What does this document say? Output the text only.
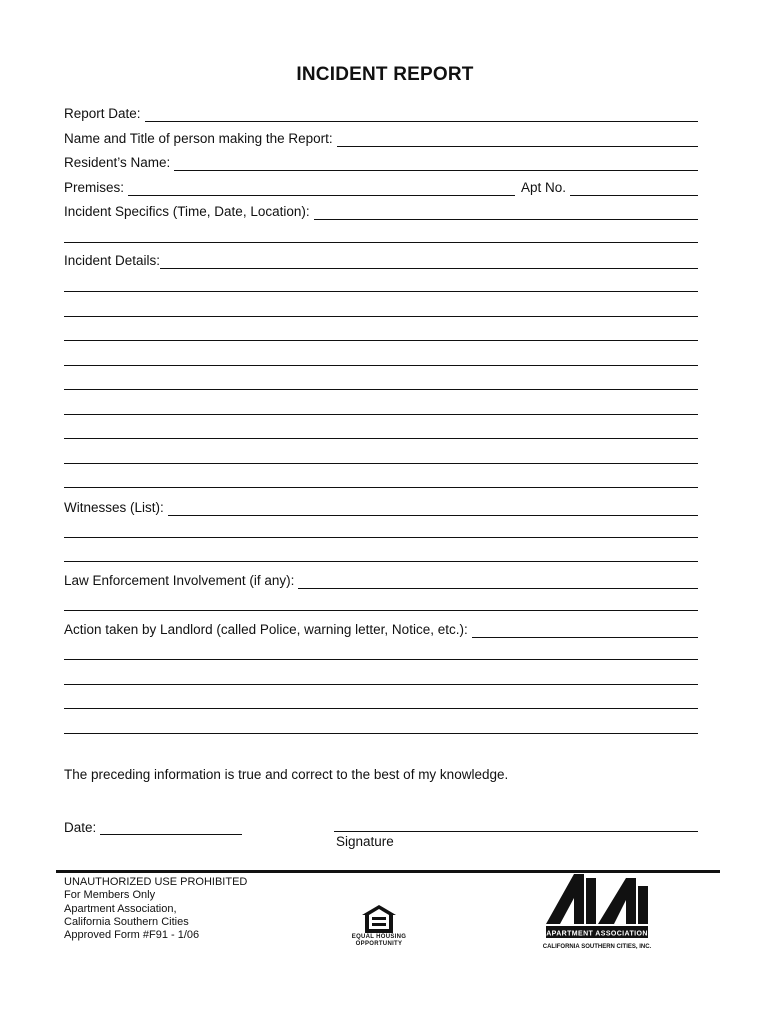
INCIDENT REPORT
Report Date:
Name and Title of person making the Report:
Resident’s Name:
Premises:	Apt No.
Incident Specifics (Time, Date, Location):
Incident Details:
Witnesses (List):
Law Enforcement Involvement (if any):
Action taken by Landlord (called Police, warning letter, Notice, etc.):
The preceding information is true and correct to the best of my knowledge.
Date:
Signature
UNAUTHORIZED USE PROHIBITED
For Members Only
Apartment Association,
California Southern Cities
Approved Form #F91 - 1/06	EQUAL HOUSING
OPPORTUNITY
APARTMENT ASSOCIATION
CALIFORNIA SOUTHERN CITIES, INC.
